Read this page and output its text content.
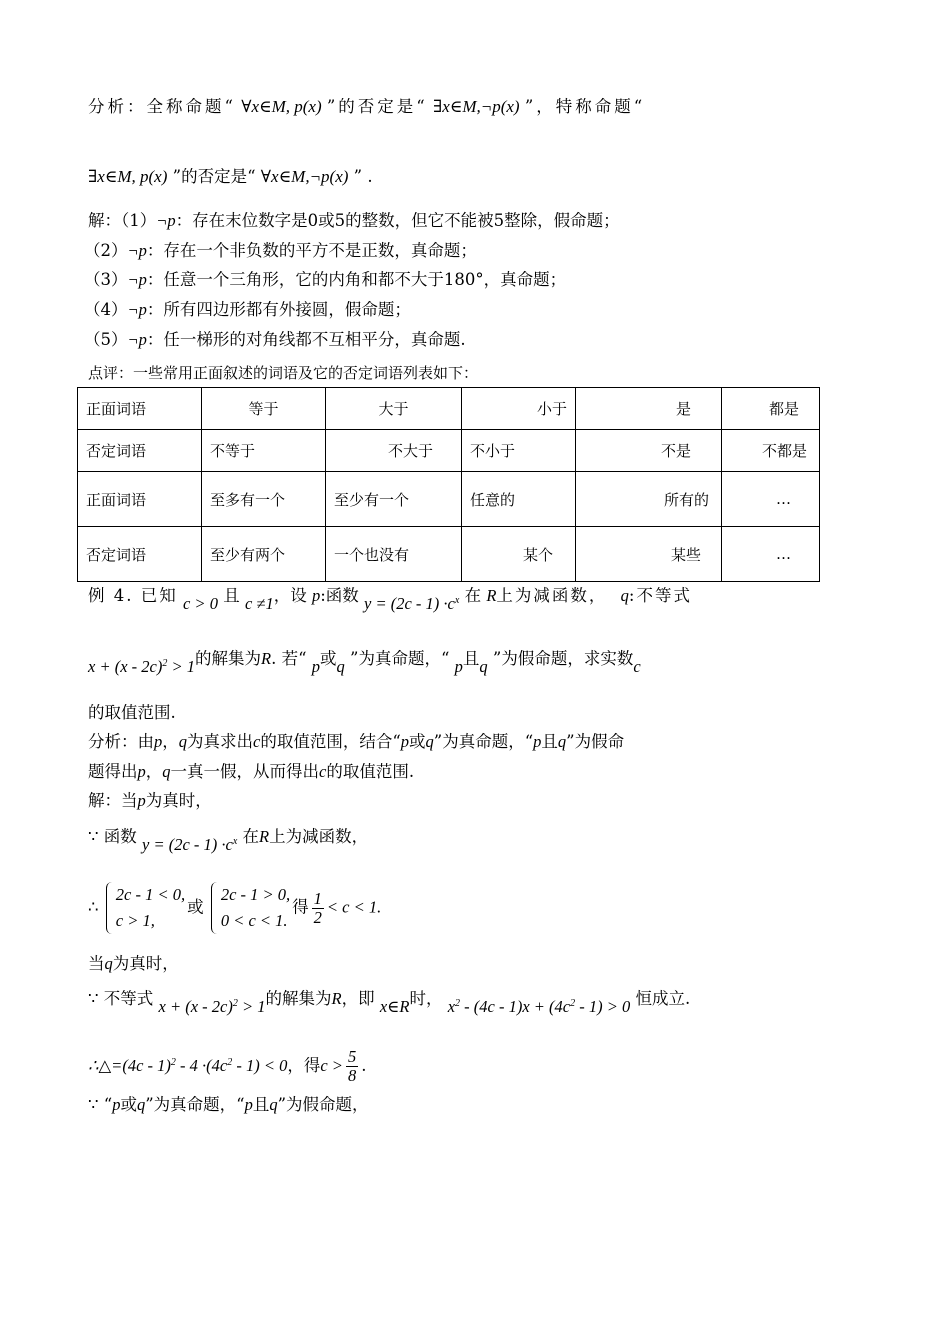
分析：全称命题“ ∀x∈M, p(x) ”的否定是“ ∃x∈M,¬p(x) ”，特称命题“
∃x∈M, p(x) ”的否定是“ ∀x∈M,¬p(x) ” .
解：（1）¬p：存在末位数字是0或5的整数，但它不能被5整除，假命题；
（2）¬p：存在一个非负数的平方不是正数，真命题；
（3）¬p：任意一个三角形，它的内角和都不大于180°，真命题；
（4）¬p：所有四边形都有外接圆，假命题；
（5）¬p：任一梯形的对角线都不互相平分，真命题.
点评：一些常用正面叙述的词语及它的否定词语列表如下：
正面词语	等于	大于	小于	是	都是
否定词语	不等于	不大于	不小于	不是	不都是
正面词语	至多有一个	至少有一个	任意的	所有的	…
否定词语	至少有两个	一个也没有	某个	某些	…
例 4. 已知 c > 0 且 c ≠1，设 p:函数 $y = (2c - 1) \cdot c^x$ 在 R上为减函数， q:不等式
x + (x - 2c)$^2$ > 1的解集为R. 若“ p或q ”为真命题，“ p且q ”为假命题，求实数c
的取值范围.
分析：由p，q为真求出c的取值范围，结合“p或q”为真命题，“p且q”为假命
题得出p，q一真一假，从而得出c的取值范围.
解：当p为真时，
∵ 函数 $y = (2c - 1) \cdot c^x$ 在R上为减函数，
∴
2c - 1 < 0,
c > 1,
或
2c - 1 > 0,
0 < c < 1.
得 $\frac{1}{2} < c < 1$.
当q为真时，
∵ 不等式 x + (x - 2c)$^2$ > 1的解集为R，即 x∈R时， $x^2 - (4c - 1)x + (4c^2 - 1) > 0$ 恒成立.
∴△=(4c - $1)^2 - 4 \cdot(4c^2 - 1) < 0$，得$c > \frac{5}{8}$ .
∵ “p或q”为真命题，“p且q”为假命题，
